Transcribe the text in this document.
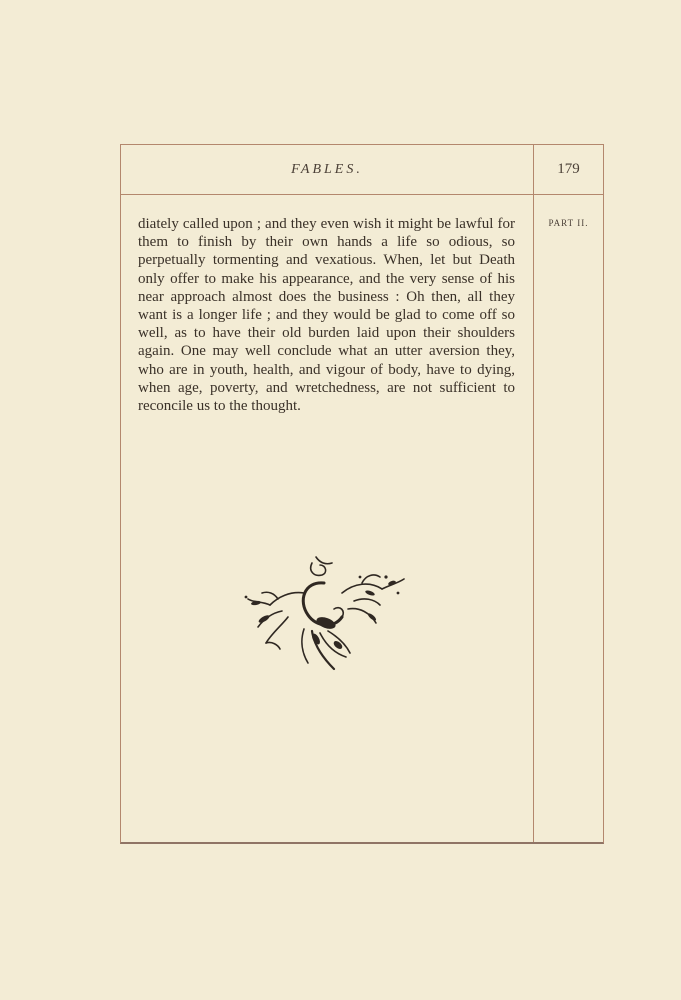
FABLES.	179
PART II.

diately called upon ; and they even wish it might be lawful for them to finish by their own hands a life so odious, so perpetually tormenting and vexatious. When, let but Death only offer to make his appearance, and the very sense of his near approach almost does the business : Oh then, all they want is a longer life ; and they would be glad to come off so well, as to have their old burden laid upon their shoulders again. One may well conclude what an utter aversion they, who are in youth, health, and vigour of body, have to dying, when age, poverty, and wretchedness, are not sufficient to reconcile us to the thought.
